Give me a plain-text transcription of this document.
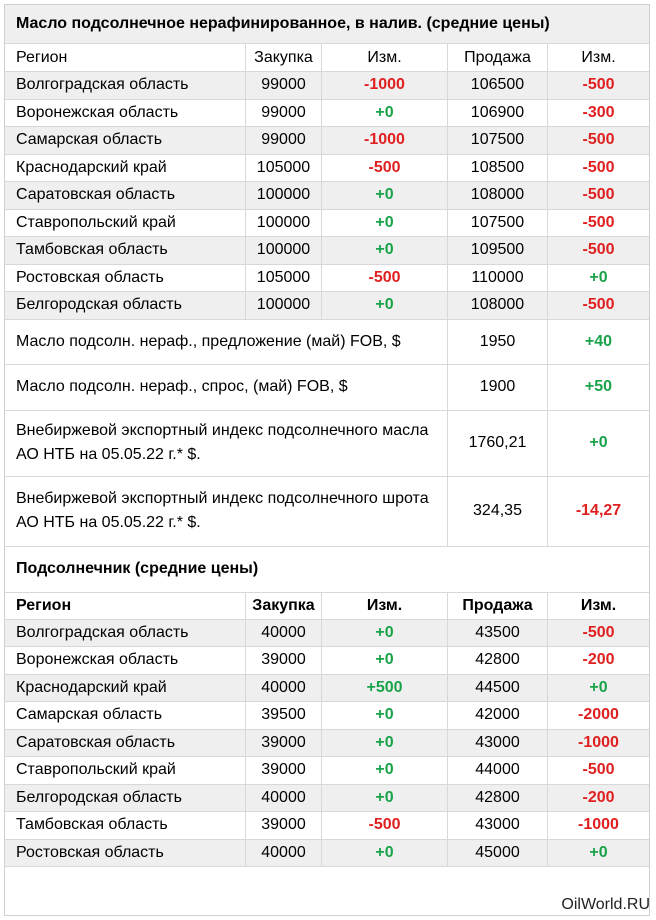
Масло подсолнечное нерафинированное, в налив. (средние цены)
Регион	Закупка	Изм.	Продажа	Изм.
Волгоградская область	99000	-1000	106500	-500
Воронежская область	99000	+0	106900	-300
Самарская область	99000	-1000	107500	-500
Краснодарский край	105000	-500	108500	-500
Саратовская область	100000	+0	108000	-500
Ставропольский край	100000	+0	107500	-500
Тамбовская область	100000	+0	109500	-500
Ростовская область	105000	-500	110000	+0
Белгородская область	100000	+0	108000	-500
Масло подсолн. нераф., предложение (май) FOB, $	1950	+40
Масло подсолн. нераф., спрос, (май) FOB, $	1900	+50
Внебиржевой экспортный индекс подсолнечного масла АО НТБ на 05.05.22 г.* $.
1760,21	+0
Внебиржевой экспортный индекс подсолнечного шрота АО НТБ на 05.05.22 г.* $.
324,35	-14,27
Подсолнечник (средние цены)
Регион	Закупка	Изм.	Продажа	Изм.
Волгоградская область	40000	+0	43500	-500
Воронежская область	39000	+0	42800	-200
Краснодарский край	40000	+500	44500	+0
Самарская область	39500	+0	42000	-2000
Саратовская область	39000	+0	43000	-1000
Ставропольский край	39000	+0	44000	-500
Белгородская область	40000	+0	42800	-200
Тамбовская область	39000	-500	43000	-1000
Ростовская область	40000	+0	45000	+0
OilWorld.RU
